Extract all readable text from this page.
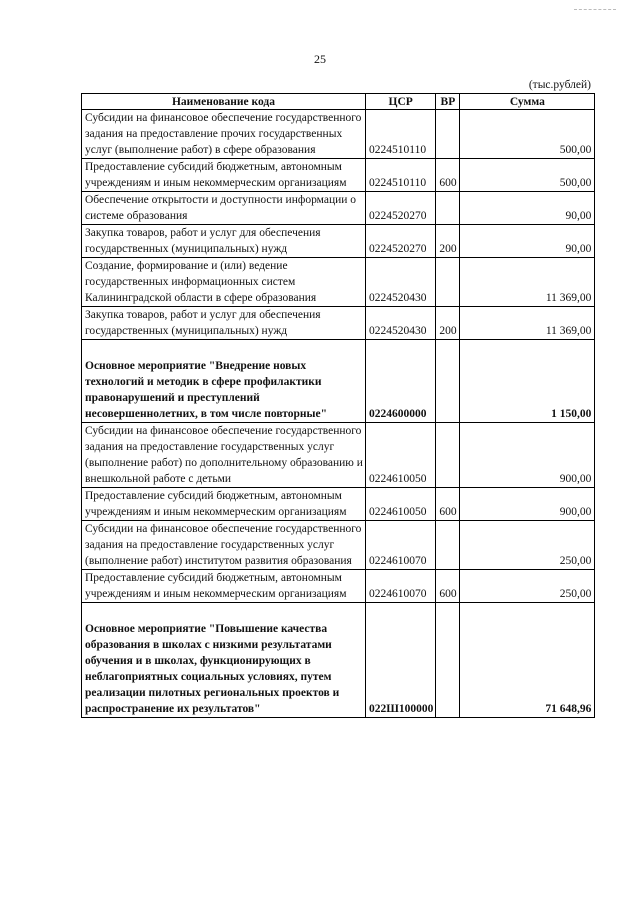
25
(тыс.рублей)
Наименование кода	ЦСР	ВР	Сумма
Субсидии на финансовое обеспечение государственного задания на предоставление прочих государственных услуг (выполнение работ) в сфере образования	0224510110		500,00
Предоставление субсидий бюджетным, автономным учреждениям и иным некоммерческим организациям	0224510110	600	500,00
Обеспечение открытости и доступности информации о системе образования	0224520270		90,00
Закупка товаров, работ и услуг для обеспечения государственных (муниципальных) нужд	0224520270	200	90,00
Создание, формирование и (или) ведение государственных информационных систем Калининградской области в сфере образования	0224520430		11 369,00
Закупка товаров, работ и услуг для обеспечения государственных (муниципальных) нужд	0224520430	200	11 369,00
Основное мероприятие "Внедрение новых технологий и методик в сфере профилактики правонарушений и преступлений несовершеннолетних, в том числе повторные"	0224600000		1 150,00
Субсидии на финансовое обеспечение государственного задания на предоставление государственных услуг (выполнение работ) по дополнительному образованию и внешкольной работе с детьми	0224610050		900,00
Предоставление субсидий бюджетным, автономным учреждениям и иным некоммерческим организациям	0224610050	600	900,00
Субсидии на финансовое обеспечение государственного задания на предоставление государственных услуг (выполнение работ) институтом развития образования	0224610070		250,00
Предоставление субсидий бюджетным, автономным учреждениям и иным некоммерческим организациям	0224610070	600	250,00
Основное мероприятие "Повышение качества образования в школах с низкими результатами обучения и в школах, функционирующих в неблагоприятных социальных условиях, путем реализации пилотных региональных проектов и распространение их результатов"	022Ш100000		71 648,96
